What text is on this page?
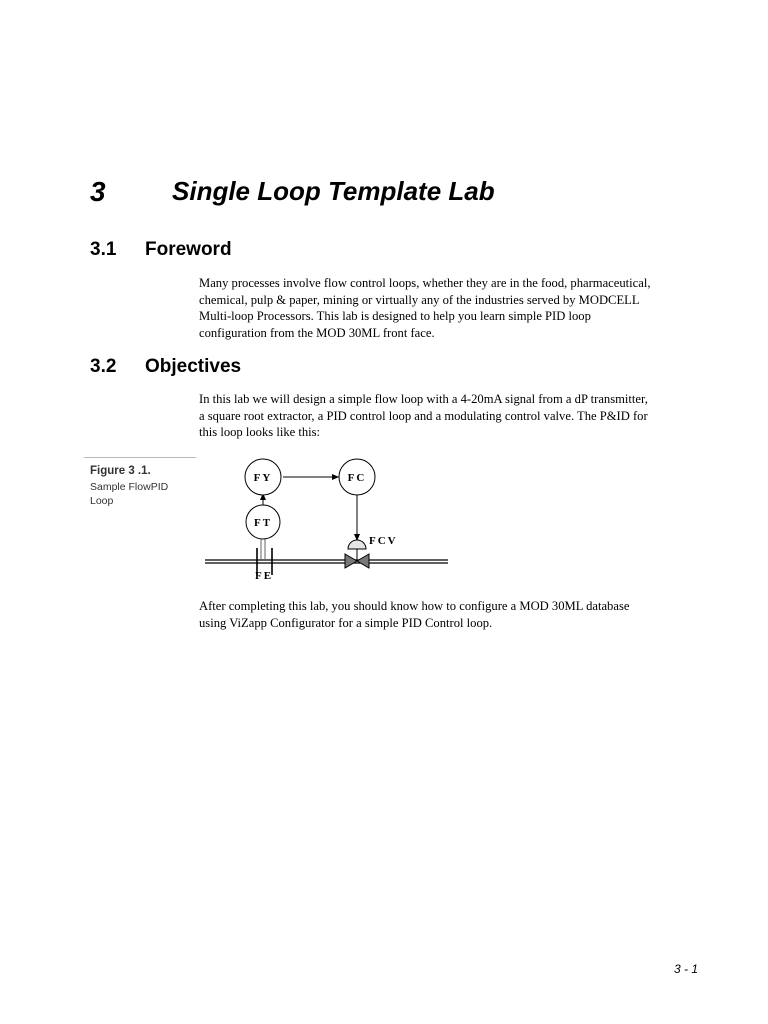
3	Single Loop Template Lab
3.1 Foreword
Many processes involve flow control loops, whether they are in the food, pharmaceutical,
chemical, pulp & paper, mining or virtually any of the industries served by MODCELL
Multi-loop Processors. This lab is designed to help you learn simple PID loop
configuration from the MOD 30ML front face.
3.2 Objectives
In this lab we will design a simple flow loop with a 4-20mA signal from a dP transmitter,
a square root extractor, a PID control loop and a modulating control valve. The P&ID for
this loop looks like this:
Figure 3 .1.
Sample FlowPID
Loop
FY	FC
FT
FCV
FE
After completing this lab, you should know how to configure a MOD 30ML database
using ViZapp Configurator for a simple PID Control loop.
3 - 1
